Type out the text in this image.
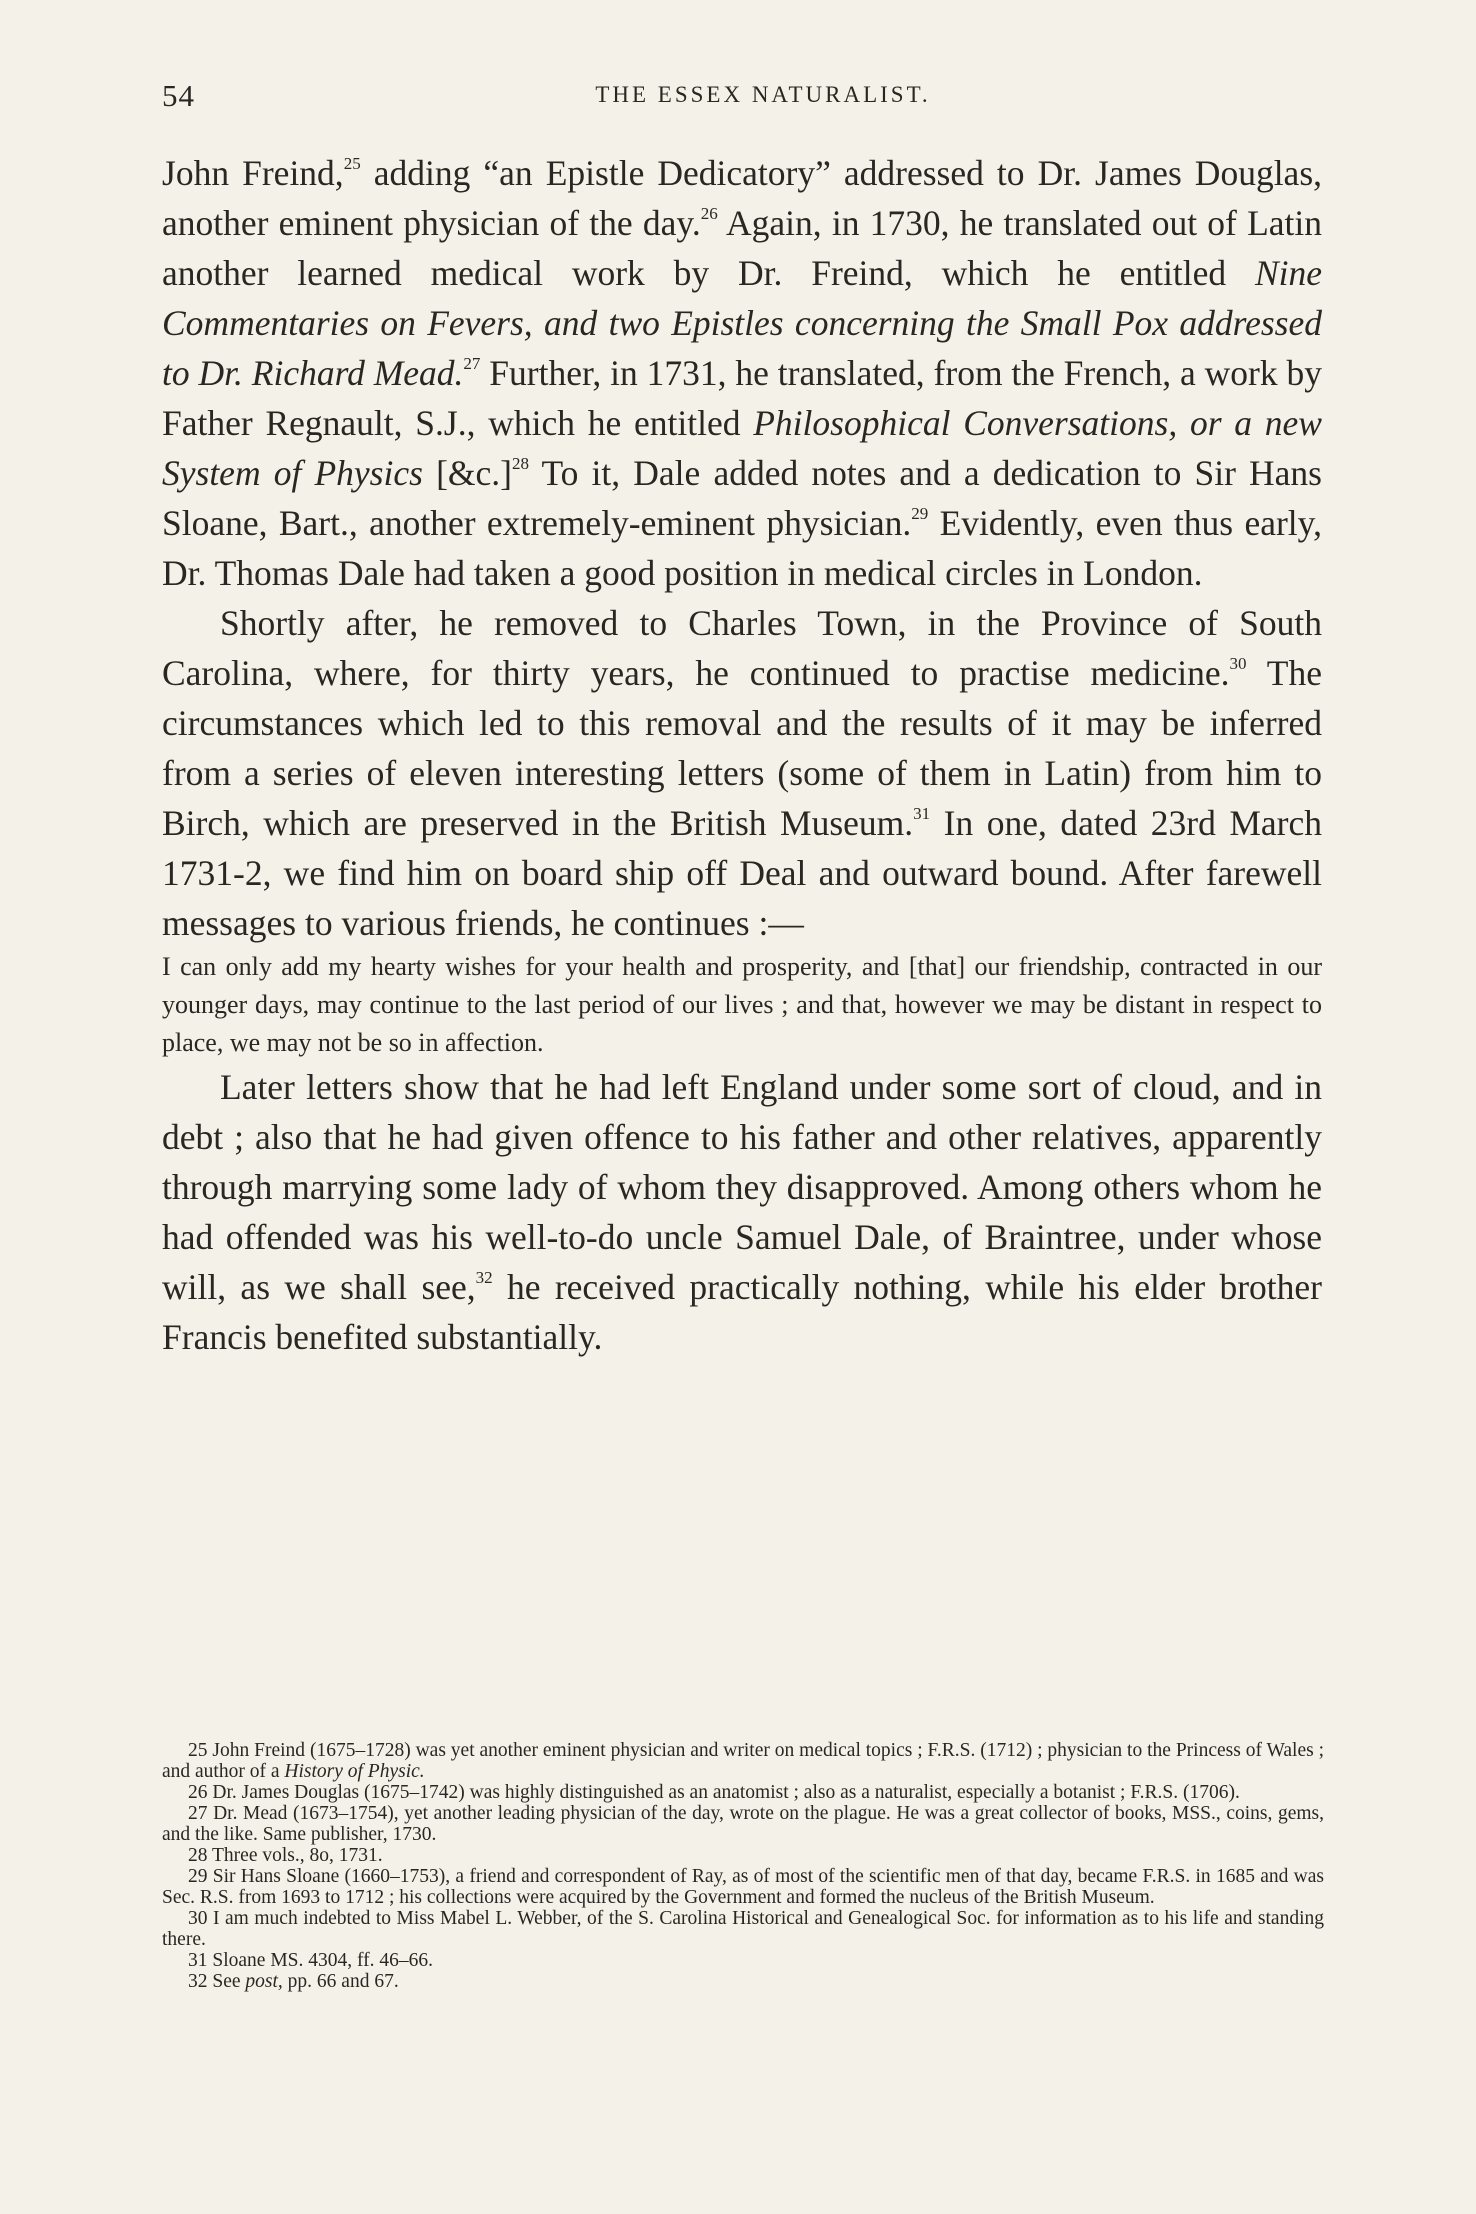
54	THE ESSEX NATURALIST.

John Freind,$^{25}$ adding “an Epistle Dedicatory” addressed to Dr. James Douglas, another eminent physician of the day.$^{26}$ Again, in 1730, he translated out of Latin another learned medical work by Dr. Freind, which he entitled Nine Commentaries on Fevers, and two Epistles concerning the Small Pox addressed to Dr. Richard Mead.$^{27}$ Further, in 1731, he translated, from the French, a work by Father Regnault, S.J., which he entitled Philosophical Conversations, or a new System of Physics [&c.]$^{28}$ To it, Dale added notes and a dedication to Sir Hans Sloane, Bart., another extremely-eminent physician.$^{29}$ Evidently, even thus early, Dr. Thomas Dale had taken a good position in medical circles in London.

Shortly after, he removed to Charles Town, in the Province of South Carolina, where, for thirty years, he continued to practise medicine.$^{30}$ The circumstances which led to this removal and the results of it may be inferred from a series of eleven interesting letters (some of them in Latin) from him to Birch, which are preserved in the British Museum.$^{31}$ In one, dated 23rd March 1731-2, we find him on board ship off Deal and outward bound. After farewell messages to various friends, he continues :—

I can only add my hearty wishes for your health and prosperity, and [that] our friendship, contracted in our younger days, may continue to the last period of our lives ; and that, however we may be distant in respect to place, we may not be so in affection.

Later letters show that he had left England under some sort of cloud, and in debt ; also that he had given offence to his father and other relatives, apparently through marrying some lady of whom they disapproved. Among others whom he had offended was his well-to-do uncle Samuel Dale, of Braintree, under whose will, as we shall see,$^{32}$ he received practically nothing, while his elder brother Francis benefited substantially.

25 John Freind (1675–1728) was yet another eminent physician and writer on medical topics ; F.R.S. (1712) ; physician to the Princess of Wales ; and author of a History of Physic.

26 Dr. James Douglas (1675–1742) was highly distinguished as an anatomist ; also as a naturalist, especially a botanist ; F.R.S. (1706).

27 Dr. Mead (1673–1754), yet another leading physician of the day, wrote on the plague. He was a great collector of books, MSS., coins, gems, and the like. Same publisher, 1730.

28 Three vols., 8o, 1731.

29 Sir Hans Sloane (1660–1753), a friend and correspondent of Ray, as of most of the scientific men of that day, became F.R.S. in 1685 and was Sec. R.S. from 1693 to 1712 ; his collections were acquired by the Government and formed the nucleus of the British Museum.

30 I am much indebted to Miss Mabel L. Webber, of the S. Carolina Historical and Genealogical Soc. for information as to his life and standing there.

31 Sloane MS. 4304, ff. 46–66.

32 See post, pp. 66 and 67.
